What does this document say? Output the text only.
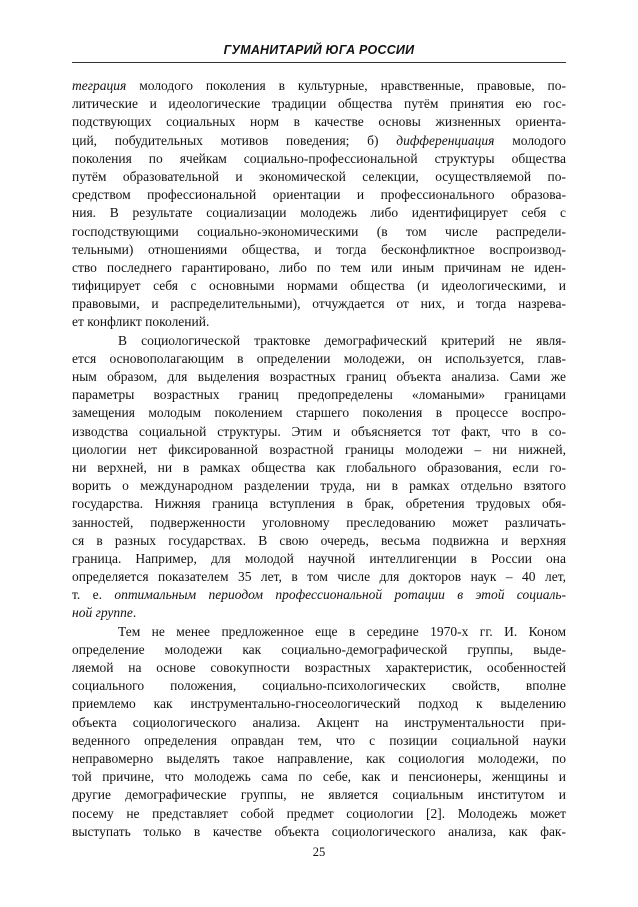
ГУМАНИТАРИЙ ЮГА РОССИИ
теграция молодого поколения в культурные, нравственные, правовые, по-
литические и идеологические традиции общества путём принятия ею гос-
подствующих социальных норм в качестве основы жизненных ориента-
ций, побудительных мотивов поведения; б) дифференциация молодого
поколения по ячейкам социально-профессиональной структуры общества
путём образовательной и экономической селекции, осуществляемой по-
средством профессиональной ориентации и профессионального образова-
ния. В результате социализации молодежь либо идентифицирует себя с
господствующими социально-экономическими (в том числе распредели-
тельными) отношениями общества, и тогда бесконфликтное воспроизвод-
ство последнего гарантировано, либо по тем или иным причинам не иден-
тифицирует себя с основными нормами общества (и идеологическими, и
правовыми, и распределительными), отчуждается от них, и тогда назрева-
ет конфликт поколений.
В социологической трактовке демографический критерий не явля-
ется основополагающим в определении молодежи, он используется, глав-
ным образом, для выделения возрастных границ объекта анализа. Сами же
параметры возрастных границ предопределены «ломаными» границами
замещения молодым поколением старшего поколения в процессе воспро-
изводства социальной структуры. Этим и объясняется тот факт, что в со-
циологии нет фиксированной возрастной границы молодежи – ни нижней,
ни верхней, ни в рамках общества как глобального образования, если го-
ворить о международном разделении труда, ни в рамках отдельно взятого
государства. Нижняя граница вступления в брак, обретения трудовых обя-
занностей, подверженности уголовному преследованию может различать-
ся в разных государствах. В свою очередь, весьма подвижна и верхняя
граница. Например, для молодой научной интеллигенции в России она
определяется показателем 35 лет, в том числе для докторов наук – 40 лет,
т. е. оптимальным периодом профессиональной ротации в этой социаль-
ной группе.
Тем не менее предложенное еще в середине 1970-х гг. И. Коном
определение молодежи как социально-демографической группы, выде-
ляемой на основе совокупности возрастных характеристик, особенностей
социального положения, социально-психологических свойств, вполне
приемлемо как инструментально-гносеологический подход к выделению
объекта социологического анализа. Акцент на инструментальности при-
веденного определения оправдан тем, что с позиции социальной науки
неправомерно выделять такое направление, как социология молодежи, по
той причине, что молодежь сама по себе, как и пенсионеры, женщины и
другие демографические группы, не является социальным институтом и
посему не представляет собой предмет социологии [2]. Молодежь может
выступать только в качестве объекта социологического анализа, как фак-
25
